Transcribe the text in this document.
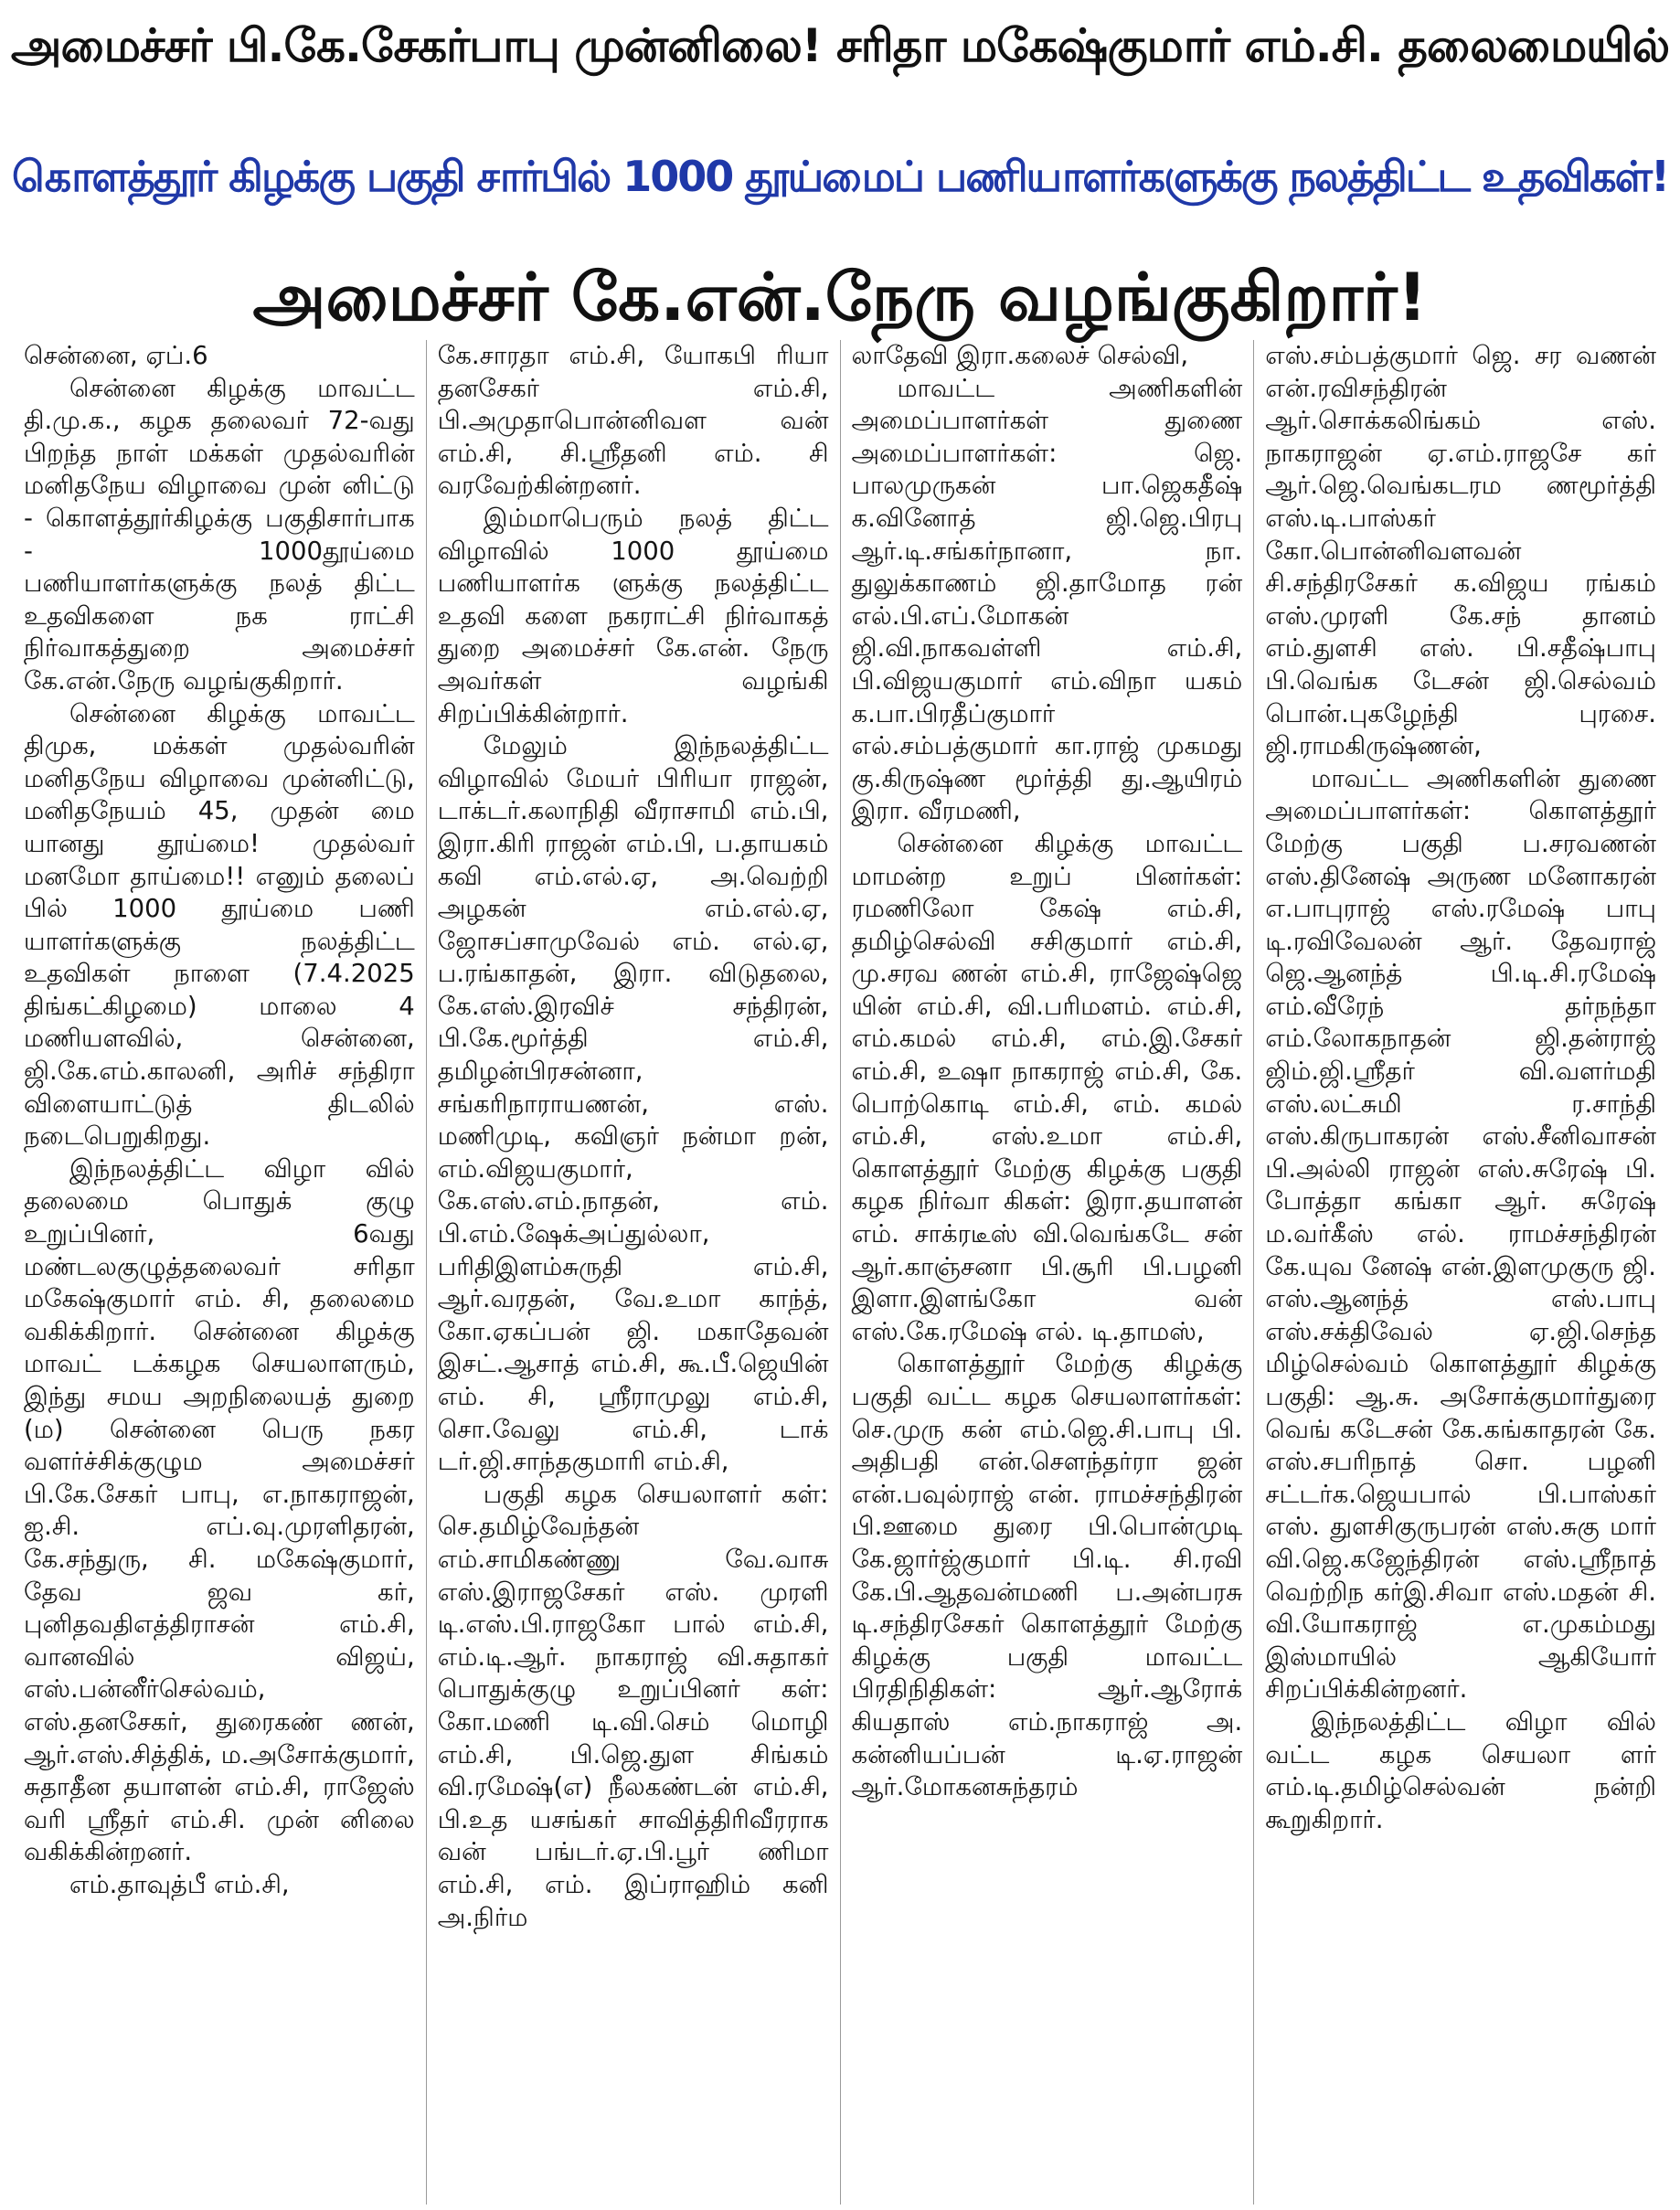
அமைச்சர் பி.கே.சேகர்பாபு முன்னிலை! சரிதா மகேஷ்குமார் எம்.சி. தலைமையில்
கொளத்தூர் கிழக்கு பகுதி சார்பில் 1000 தூய்மைப் பணியாளர்களுக்கு நலத்திட்ட உதவிகள்!
அமைச்சர் கே.என்.நேரு வழங்குகிறார்!

சென்னை, ஏப்.6

சென்னை கிழக்கு மாவட்ட தி.மு.க., கழக தலைவர் 72-வது பிறந்த நாள் மக்கள் முதல்வரின் மனிதநேய விழாவை முன் னிட்டு - கொளத்தூர்கிழக்கு பகுதிசார்பாக - 1000தூய்மை பணியாளர்களுக்கு நலத் திட்ட உதவிகளை நக ராட்சி நிர்வாகத்துறை அமைச்சர் கே.என்.நேரு வழங்குகிறார்.

சென்னை கிழக்கு மாவட்ட திமுக, மக்கள் முதல்வரின் மனிதநேய விழாவை முன்னிட்டு, மனிதநேயம் 45, முதன் மை யானது தூய்மை! முதல்வர் மனமோ தாய்மை!! எனும் தலைப் பில் 1000 தூய்மை பணி யாளர்களுக்கு நலத்திட்ட உதவிகள் நாளை (7.4.2025 திங்கட்கிழமை) மாலை 4 மணியளவில், சென்னை, ஜி.கே.எம்.காலனி, அரிச் சந்திரா விளையாட்டுத் திடலில் நடைபெறுகிறது.

இந்நலத்திட்ட விழா வில் தலைமை பொதுக் குழு உறுப்பினர், 6வது மண்டலகுழுத்தலைவர் சரிதா மகேஷ்குமார் எம். சி, தலைமை வகிக்கிறார். சென்னை கிழக்கு மாவட் டக்கழக செயலாளரும், இந்து சமய அறநிலையத் துறை (ம) சென்னை பெரு நகர வளர்ச்சிக்குழும அமைச்சர் பி.கே.சேகர் பாபு, எ.நாகராஜன், ஐ.சி. எப்.வு.முரளிதரன், கே.சந்துரு, சி. மகேஷ்குமார், தேவ ஜவ கர், புனிதவதிஎத்திராசன் எம்.சி, வானவில் விஜய், எஸ்.பன்னீர்செல்வம், எஸ்.தனசேகர், துரைகண் ணன், ஆர்.எஸ்.சித்திக், ம.அசோக்குமார், சுதாதீன தயாளன் எம்.சி, ராஜேஸ் வரி ஸ்ரீதர் எம்.சி. முன் னிலை வகிக்கின்றனர்.

எம்.தாவுத்பீ எம்.சி,

கே.சாரதா எம்.சி, யோகபி ரியா தனசேகர் எம்.சி, பி.அமுதாபொன்னிவள வன் எம்.சி, சி.ஸ்ரீதனி எம். சி வரவேற்கின்றனர்.

இம்மாபெரும் நலத் திட்ட விழாவில் 1000 தூய்மை பணியாளர்க ளுக்கு நலத்திட்ட உதவி களை நகராட்சி நிர்வாகத் துறை அமைச்சர் கே.என். நேரு அவர்கள் வழங்கி சிறப்பிக்கின்றார்.

மேலும் இந்நலத்திட்ட விழாவில் மேயர் பிரியா ராஜன், டாக்டர்.கலாநிதி வீராசாமி எம்.பி, இரா.கிரி ராஜன் எம்.பி, ப.தாயகம் கவி எம்.எல்.ஏ, அ.வெற்றி அழகன் எம்.எல்.ஏ, ஜோசப்சாமுவேல் எம். எல்.ஏ, ப.ரங்காதன், இரா. விடுதலை, கே.எஸ்.இரவிச் சந்திரன், பி.கே.மூர்த்தி எம்.சி, தமிழன்பிரசன்னா, சங்கரிநாராயணன், எஸ். மணிமுடி, கவிஞர் நன்மா றன், எம்.விஜயகுமார், கே.எஸ்.எம்.நாதன், எம். பி.எம்.ஷேக்அப்துல்லா, பரிதிஇளம்சுருதி எம்.சி, ஆர்.வரதன், வே.உமா காந்த், கோ.ஏகப்பன் ஜி. மகாதேவன் இசட்.ஆசாத் எம்.சி, கூ.பீ.ஜெயின் எம். சி, ஸ்ரீராமுலு எம்.சி, சொ.வேலு எம்.சி, டாக் டர்.ஜி.சாந்தகுமாரி எம்.சி,

பகுதி கழக செயலாளர் கள்: செ.தமிழ்வேந்தன் எம்.சாமிகண்ணு வே.வாசு எஸ்.இராஜசேகர் எஸ். முரளி டி.எஸ்.பி.ராஜகோ பால் எம்.சி, எம்.டி.ஆர். நாகராஜ் வி.சுதாகர் பொதுக்குழு உறுப்பினர் கள்: கோ.மணி டி.வி.செம் மொழி எம்.சி, பி.ஜெ.துள சிங்கம் வி.ரமேஷ்(எ) நீலகண்டன் எம்.சி, பி.உத யசங்கர் சாவித்திரிவீரராக வன் பங்டர்.ஏ.பி.பூர் ணிமா எம்.சி, எம். இப்ராஹிம் கனி அ.நிர்ம

லாதேவி இரா.கலைச் செல்வி,

மாவட்ட அணிகளின் அமைப்பாளர்கள் துணை அமைப்பாளர்கள்: ஜெ. பாலமுருகன் பா.ஜெகதீஷ் க.வினோத் ஜி.ஜெ.பிரபு ஆர்.டி.சங்கர்நானா, நா. துலுக்காணம் ஜி.தாமோத ரன் எல்.பி.எப்.மோகன் ஜி.வி.நாகவள்ளி எம்.சி, பி.விஜயகுமார் எம்.விநா யகம் க.பா.பிரதீப்குமார் எல்.சம்பத்குமார் கா.ராஜ் முகமது கு.கிருஷ்ண மூர்த்தி து.ஆயிரம் இரா. வீரமணி,

சென்னை கிழக்கு மாவட்ட மாமன்ற உறுப் பினர்கள்: ரமணிலோ கேஷ் எம்.சி, தமிழ்செல்வி சசிகுமார் எம்.சி, மு.சரவ ணன் எம்.சி, ராஜேஷ்ஜெ யின் எம்.சி, வி.பரிமளம். எம்.சி, எம்.கமல் எம்.சி, எம்.இ.சேகர் எம்.சி, உஷா நாகராஜ் எம்.சி, கே. பொற்கொடி எம்.சி, எம். கமல் எம்.சி, எஸ்.உமா எம்.சி, கொளத்தூர் மேற்கு கிழக்கு பகுதி கழக நிர்வா கிகள்: இரா.தயாளன் எம். சாக்ரடீஸ் வி.வெங்கடே சன் ஆர்.காஞ்சனா பி.சூரி பி.பழனி இளா.இளங்கோ வன் எஸ்.கே.ரமேஷ் எல். டி.தாமஸ்,

கொளத்தூர் மேற்கு கிழக்கு பகுதி வட்ட கழக செயலாளர்கள்: செ.முரு கன் எம்.ஜெ.சி.பாபு பி. அதிபதி என்.சௌந்தர்ரா ஜன் என்.பவுல்ராஜ் என். ராமச்சந்திரன் பி.ஊமை துரை பி.பொன்முடி கே.ஜார்ஜ்குமார் பி.டி. சி.ரவி கே.பி.ஆதவன்மணி ப.அன்பரசு டி.சந்திரசேகர் கொளத்தூர் மேற்கு கிழக்கு பகுதி மாவட்ட பிரதிநிதிகள்: ஆர்.ஆரோக் கியதாஸ் எம்.நாகராஜ் அ. கன்னியப்பன் டி.ஏ.ராஜன் ஆர்.மோகனசுந்தரம்

எஸ்.சம்பத்குமார் ஜெ. சர வணன் என்.ரவிசந்திரன் ஆர்.சொக்கலிங்கம் எஸ். நாகராஜன் ஏ.எம்.ராஜசே கர் ஆர்.ஜெ.வெங்கடரம ணமூர்த்தி எஸ்.டி.பாஸ்கர் கோ.பொன்னிவளவன் சி.சந்திரசேகர் க.விஜய ரங்கம் எஸ்.முரளி கே.சந் தானம் எம்.துளசி எஸ். பி.சதீஷ்பாபு பி.வெங்க டேசன் ஜி.செல்வம் பொன்.புகழேந்தி புரசை. ஜி.ராமகிருஷ்ணன்,

மாவட்ட அணிகளின் துணை அமைப்பாளர்கள்: கொளத்தூர் மேற்கு பகுதி ப.சரவணன் எஸ்.தினேஷ் அருண மனோகரன் எ.பாபுராஜ் எஸ்.ரமேஷ் பாபு டி.ரவிவேலன் ஆர். தேவராஜ் ஜெ.ஆனந்த் பி.டி.சி.ரமேஷ் எம்.வீரேந் தர்நந்தா எம்.லோகநாதன் ஜி.தன்ராஜ் ஜிம்.ஜி.ஸ்ரீதர் வி.வளர்மதி எஸ்.லட்சுமி ர.சாந்தி எஸ்.கிருபாகரன் எஸ்.சீனிவாசன் பி.அல்லி ராஜன் எஸ்.சுரேஷ் பி. போத்தா கங்கா ஆர். சுரேஷ் ம.வர்கீஸ் எல். ராமச்சந்திரன் கே.யுவ னேஷ் என்.இளமுகுரு ஜி. எஸ்.ஆனந்த் எஸ்.பாபு எஸ்.சக்திவேல் ஏ.ஜி.செந்த மிழ்செல்வம் கொளத்தூர் கிழக்கு பகுதி: ஆ.சு. அசோக்குமார்துரை வெங் கடேசன் கே.கங்காதரன் கே. எஸ்.சபரிநாத் சொ. பழனி சட்டர்க.ஜெயபால் பி.பாஸ்கர் எஸ். துளசிகுருபரன் எஸ்.சுகு மார் வி.ஜெ.கஜேந்திரன் எஸ்.ஸ்ரீநாத் வெற்றிந கர்இ.சிவா எஸ்.மதன் சி. வி.யோகராஜ் எ.முகம்மது இஸ்மாயில் ஆகியோர் சிறப்பிக்கின்றனர்.

இந்நலத்திட்ட விழா வில் வட்ட கழக செயலா ளர் எம்.டி.தமிழ்செல்வன் நன்றி கூறுகிறார்.
